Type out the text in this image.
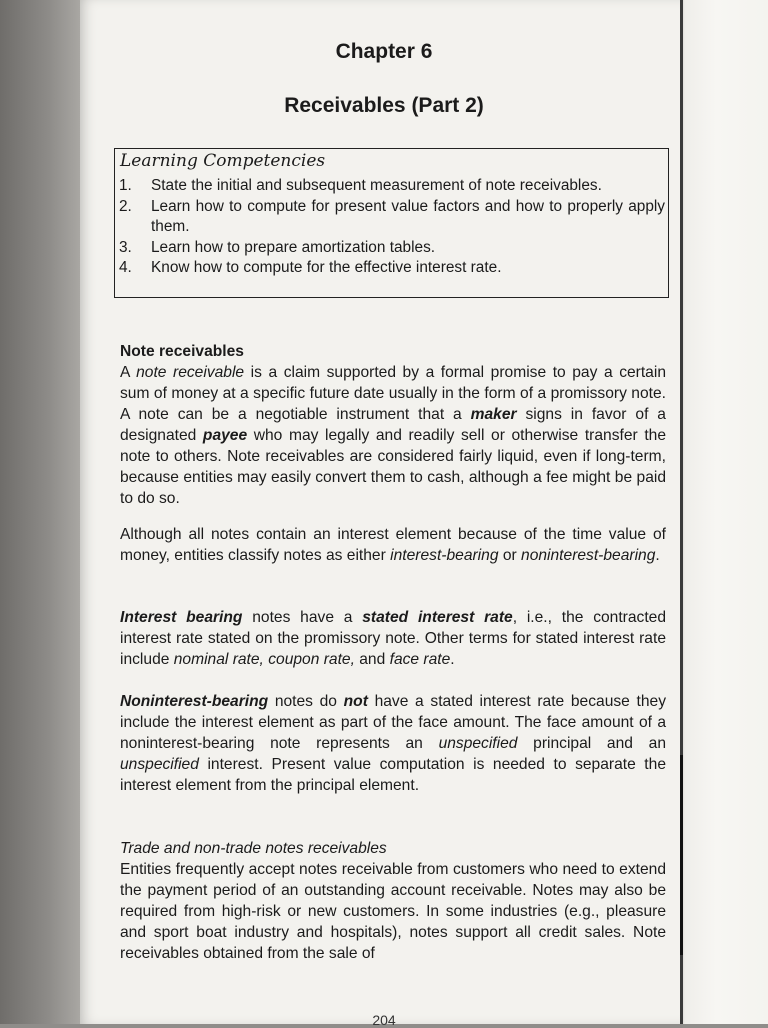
Chapter 6
Receivables (Part 2)
Learning Competencies
1. State the initial and subsequent measurement of note receivables.
2. Learn how to compute for present value factors and how to properly apply them.
3. Learn how to prepare amortization tables.
4. Know how to compute for the effective interest rate.
Note receivables
A note receivable is a claim supported by a formal promise to pay a certain sum of money at a specific future date usually in the form of a promissory note. A note can be a negotiable instrument that a maker signs in favor of a designated payee who may legally and readily sell or otherwise transfer the note to others. Note receivables are considered fairly liquid, even if long-term, because entities may easily convert them to cash, although a fee might be paid to do so.
Although all notes contain an interest element because of the time value of money, entities classify notes as either interest-bearing or noninterest-bearing.
Interest bearing notes have a stated interest rate, i.e., the contracted interest rate stated on the promissory note. Other terms for stated interest rate include nominal rate, coupon rate, and face rate.
Noninterest-bearing notes do not have a stated interest rate because they include the interest element as part of the face amount. The face amount of a noninterest-bearing note represents an unspecified principal and an unspecified interest. Present value computation is needed to separate the interest element from the principal element.
Trade and non-trade notes receivables
Entities frequently accept notes receivable from customers who need to extend the payment period of an outstanding account receivable. Notes may also be required from high-risk or new customers. In some industries (e.g., pleasure and sport boat industry and hospitals), notes support all credit sales. Note receivables obtained from the sale of
204
